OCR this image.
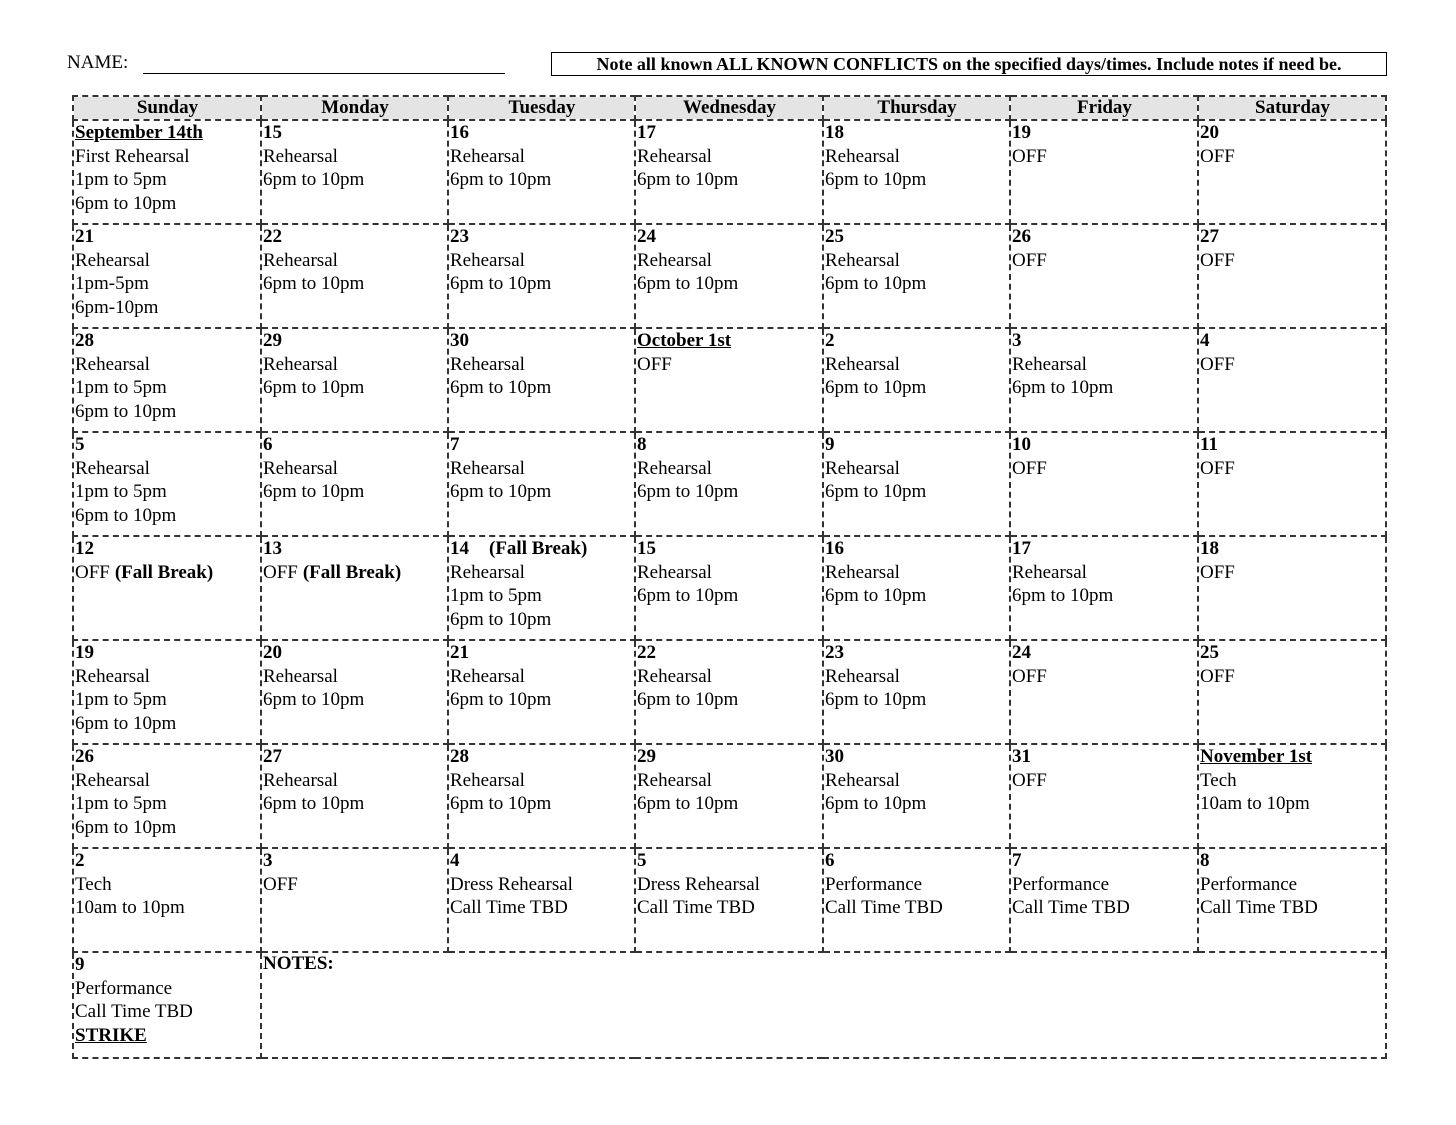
NAME:	Note all known ALL KNOWN CONFLICTS on the specified days/times. Include notes if need be.
Sunday	Monday	Tuesday	Wednesday	Thursday	Friday	Saturday

September 14th
First Rehearsal
1pm to 5pm
6pm to 10pm	15
Rehearsal
6pm to 10pm	16
Rehearsal
6pm to 10pm	17
Rehearsal
6pm to 10pm	18
Rehearsal
6pm to 10pm	19
OFF	20
OFF

21
Rehearsal
1pm-5pm
6pm-10pm	22
Rehearsal
6pm to 10pm	23
Rehearsal
6pm to 10pm	24
Rehearsal
6pm to 10pm	25
Rehearsal
6pm to 10pm	26
OFF	27
OFF

28
Rehearsal
1pm to 5pm
6pm to 10pm	29
Rehearsal
6pm to 10pm	30
Rehearsal
6pm to 10pm	October 1st
OFF	2
Rehearsal
6pm to 10pm	3
Rehearsal
6pm to 10pm	4
OFF

5
Rehearsal
1pm to 5pm
6pm to 10pm	6
Rehearsal
6pm to 10pm	7
Rehearsal
6pm to 10pm	8
Rehearsal
6pm to 10pm	9
Rehearsal
6pm to 10pm	10
OFF	11
OFF

12
OFF (Fall Break)	13
OFF (Fall Break)	14 (Fall Break)
Rehearsal
1pm to 5pm
6pm to 10pm	15
Rehearsal
6pm to 10pm	16
Rehearsal
6pm to 10pm	17
Rehearsal
6pm to 10pm	18
OFF

19
Rehearsal
1pm to 5pm
6pm to 10pm	20
Rehearsal
6pm to 10pm	21
Rehearsal
6pm to 10pm	22
Rehearsal
6pm to 10pm	23
Rehearsal
6pm to 10pm	24
OFF	25
OFF

26
Rehearsal
1pm to 5pm
6pm to 10pm	27
Rehearsal
6pm to 10pm	28
Rehearsal
6pm to 10pm	29
Rehearsal
6pm to 10pm	30
Rehearsal
6pm to 10pm	31
OFF	November 1st
Tech
10am to 10pm

2
Tech
10am to 10pm	3
OFF	4
Dress Rehearsal
Call Time TBD	5
Dress Rehearsal
Call Time TBD	6
Performance
Call Time TBD	7
Performance
Call Time TBD	8
Performance
Call Time TBD

9
Performance
Call Time TBD
STRIKE	NOTES:					
